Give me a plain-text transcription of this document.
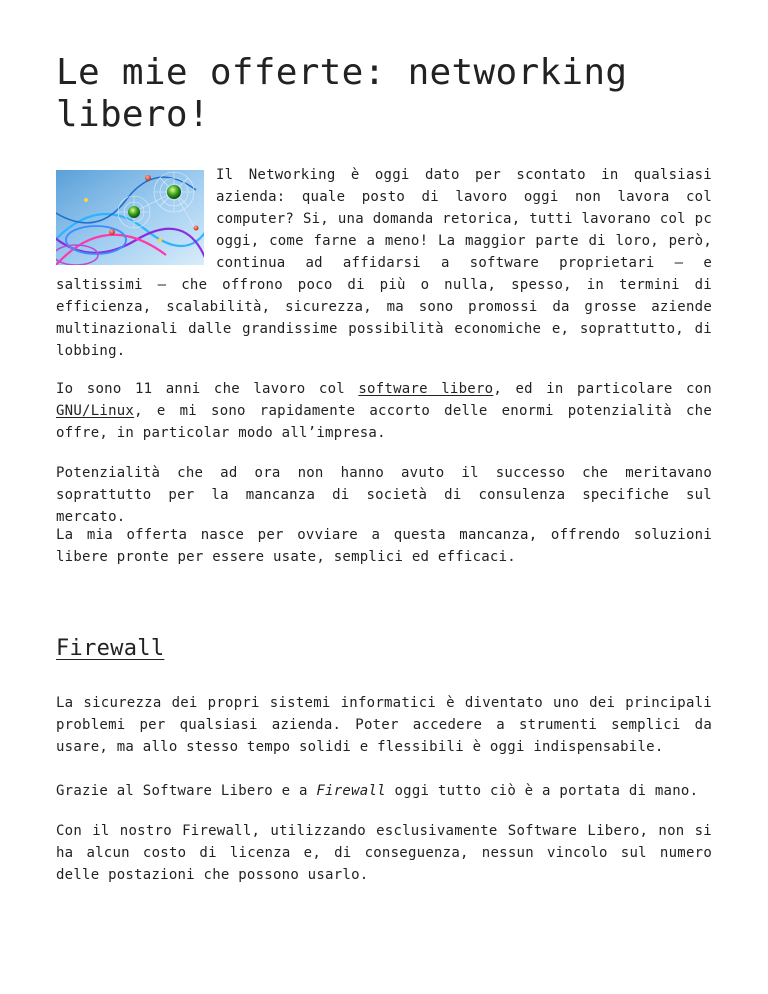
Le mie offerte: networking libero!

Il Networking è oggi dato per scontato in qualsiasi azienda: quale posto di lavoro oggi non lavora col computer? Si, una domanda retorica, tutti lavorano col pc oggi, come farne a meno! La maggior parte di loro, però, continua ad affidarsi a software proprietari – e saltissimi – che offrono poco di più o nulla, spesso, in termini di efficienza, scalabilità, sicurezza, ma sono promossi da grosse aziende multinazionali dalle grandissime possibilità economiche e, soprattutto, di lobbing.

Io sono 11 anni che lavoro col software libero, ed in particolare con GNU/Linux, e mi sono rapidamente accorto delle enormi potenzialità che offre, in particolar modo all’impresa.

Potenzialità che ad ora non hanno avuto il successo che meritavano soprattutto per la mancanza di società di consulenza specifiche sul mercato.

La mia offerta nasce per ovviare a questa mancanza, offrendo soluzioni libere pronte per essere usate, semplici ed efficaci.

Firewall

La sicurezza dei propri sistemi informatici è diventato uno dei principali problemi per qualsiasi azienda. Poter accedere a strumenti semplici da usare, ma allo stesso tempo solidi e flessibili è oggi indispensabile.

Grazie al Software Libero e a Firewall oggi tutto ciò è a portata di mano.

Con il nostro Firewall, utilizzando esclusivamente Software Libero, non si ha alcun costo di licenza e, di conseguenza, nessun vincolo sul numero delle postazioni che possono usarlo.
